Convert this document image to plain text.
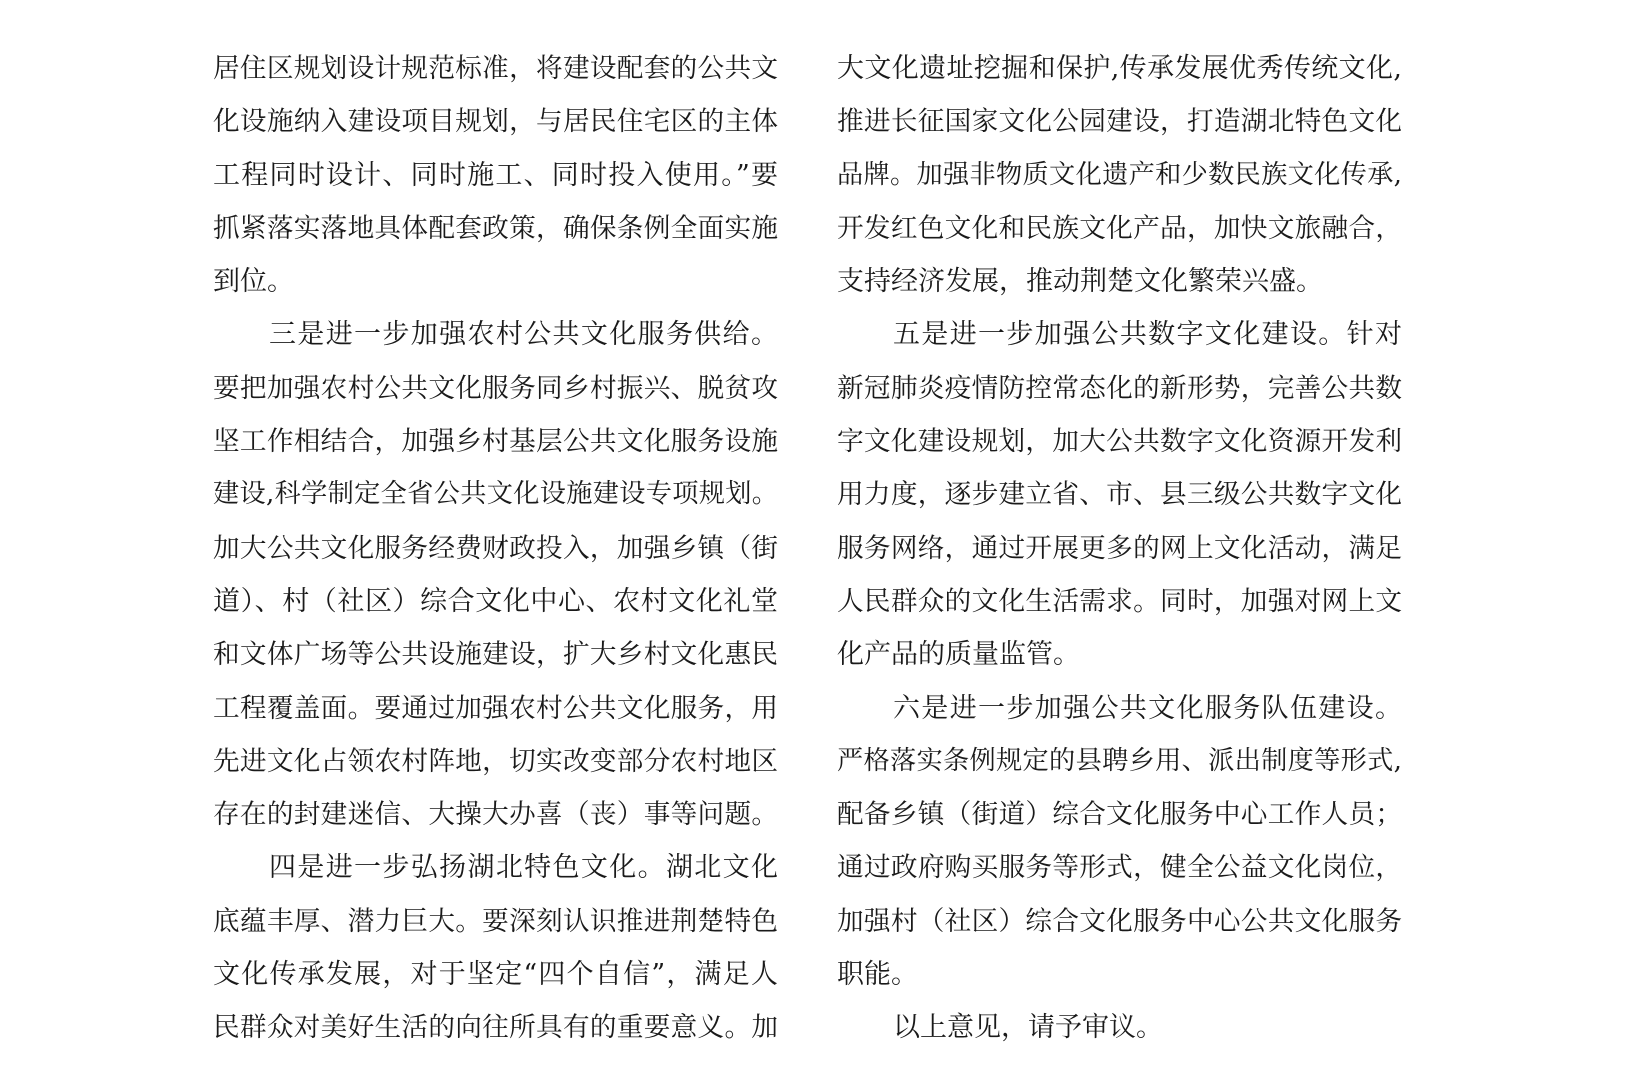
居住区规划设计规范标准，将建设配套的公共文
化设施纳入建设项目规划，与居民住宅区的主体
工程同时设计、同时施工、同时投入使用。”要
抓紧落实落地具体配套政策，确保条例全面实施
到位。
三是进一步加强农村公共文化服务供给。
要把加强农村公共文化服务同乡村振兴、脱贫攻
坚工作相结合，加强乡村基层公共文化服务设施
建设,科学制定全省公共文化设施建设专项规划。
加大公共文化服务经费财政投入，加强乡镇（街
道）、村（社区）综合文化中心、农村文化礼堂
和文体广场等公共设施建设，扩大乡村文化惠民
工程覆盖面。要通过加强农村公共文化服务，用
先进文化占领农村阵地，切实改变部分农村地区
存在的封建迷信、大操大办喜（丧）事等问题。
四是进一步弘扬湖北特色文化。湖北文化
底蕴丰厚、潜力巨大。要深刻认识推进荆楚特色
文化传承发展，对于坚定“四个自信”，满足人
民群众对美好生活的向往所具有的重要意义。加
大文化遗址挖掘和保护,传承发展优秀传统文化,
推进长征国家文化公园建设，打造湖北特色文化
品牌。加强非物质文化遗产和少数民族文化传承,
开发红色文化和民族文化产品，加快文旅融合，
支持经济发展，推动荆楚文化繁荣兴盛。
五是进一步加强公共数字文化建设。针对
新冠肺炎疫情防控常态化的新形势，完善公共数
字文化建设规划，加大公共数字文化资源开发利
用力度，逐步建立省、市、县三级公共数字文化
服务网络，通过开展更多的网上文化活动，满足
人民群众的文化生活需求。同时，加强对网上文
化产品的质量监管。
六是进一步加强公共文化服务队伍建设。
严格落实条例规定的县聘乡用、派出制度等形式,
配备乡镇（街道）综合文化服务中心工作人员；
通过政府购买服务等形式，健全公益文化岗位，
加强村（社区）综合文化服务中心公共文化服务
职能。
以上意见，请予审议。
